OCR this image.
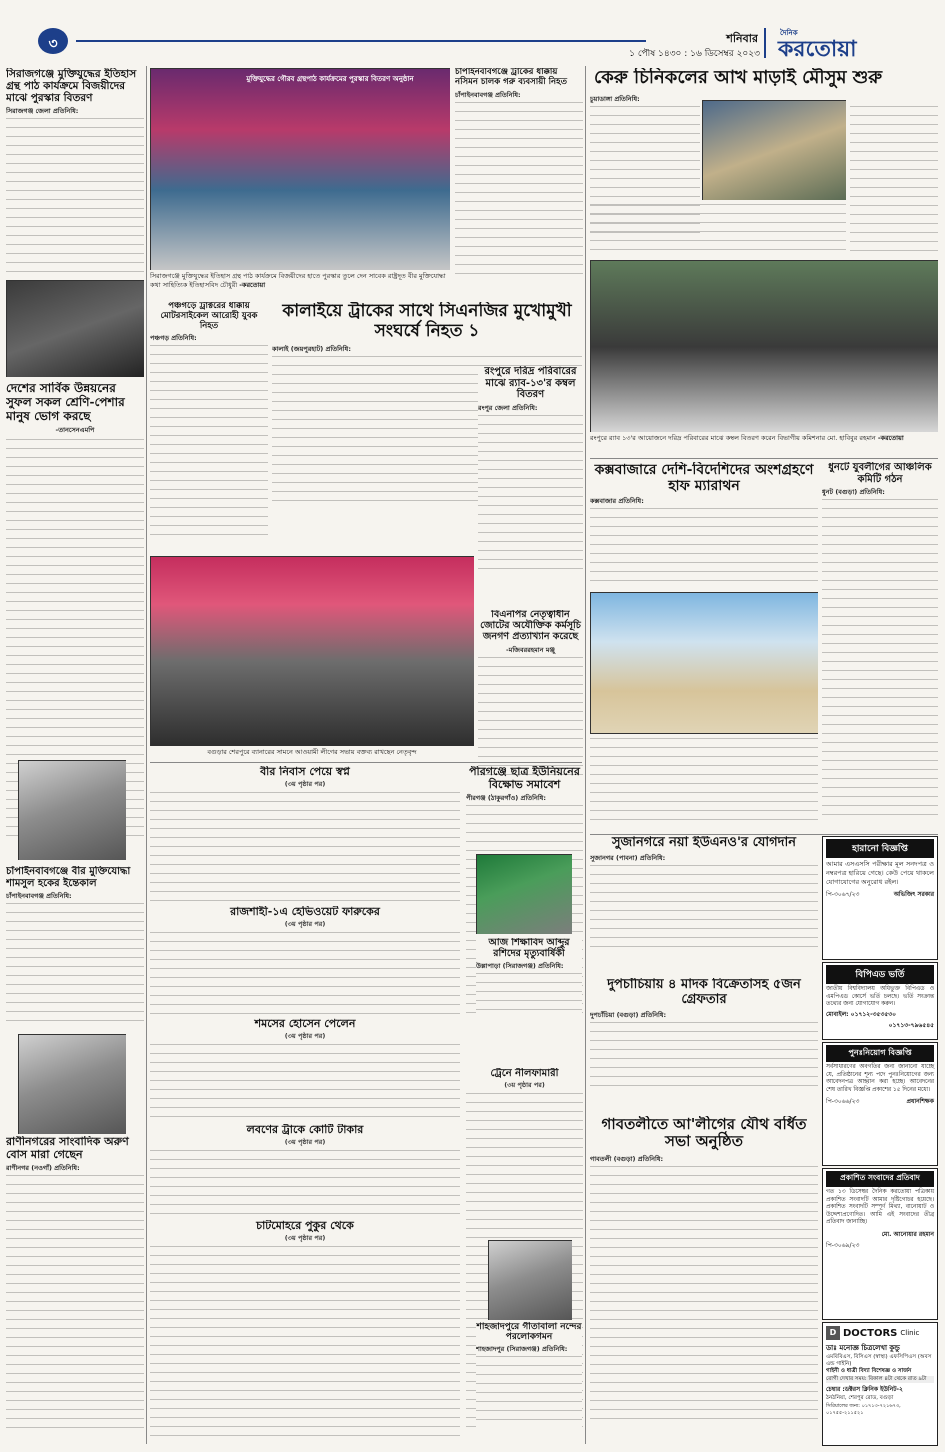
৩	শনিবার
১ পৌষ ১৪৩০ : ১৬ ডিসেম্বর ২০২৩
দৈনিক
করতোয়া
সিরাজগঞ্জে মুক্তিযুদ্ধের ইতিহাস গ্রন্থ পাঠ কার্যক্রমে বিজয়ীদের মাঝে পুরস্কার বিতরণ
সিরাজগঞ্জ জেলা প্রতিনিধি:
দেশের সার্বিক উন্নয়নের সুফল সকল শ্রেণি-পেশার মানুষ ভোগ করছে
-তানসেনএমপি
চাঁপাইনবাবগঞ্জে বীর মুক্তিযোদ্ধা শামসুল হকের ইন্তেকাল
চাঁপাইনবাবগঞ্জ প্রতিনিধি:
রাণীনগরের সাংবাদিক অরুণ বোস মারা গেছেন
রাণীনগর (নওগাঁ) প্রতিনিধি:
মুক্তিযুদ্ধের গৌরব গ্রন্থপাঠ কার্যক্রমের পুরস্কার বিতরণ অনুষ্ঠান
সিরাজগঞ্জে মুক্তিযুদ্ধের ইতিহাস গ্রন্থ পাঠ কার্যক্রমে বিজয়ীদের হাতে পুরস্কার তুলে দেন সাবেক রাষ্ট্রদূত বীর মুক্তিযোদ্ধা কথা সাহিত্যিক ইতিহাসবিদ চৌধুরী -করতোয়া
চাঁপাইনবাবগঞ্জে ট্রাকের ধাক্কায় নসিমন চালক গরু ব্যবসায়ী নিহত
চাঁপাইনবাবগঞ্জ প্রতিনিধি:
পঞ্চগড়ে ট্রাক্টরের ধাক্কায় মোটরসাইকেল আরোহী যুবক নিহত
পঞ্চগড় প্রতিনিধি:
কালাইয়ে ট্রাকের সাথে সিএনজির মুখোমুখী সংঘর্ষে নিহত ১
কালাই (জয়পুরহাট) প্রতিনিধি:
রংপুরে দরিদ্র পরিবারের মাঝে র‌্যাব-১৩'র কম্বল বিতরণ
রংপুর জেলা প্রতিনিধি:
বগুড়ার শেরপুরে ব্যানারের সামনে আওয়ামী লীগের সভায় বক্তব্য রাখছেন নেতৃবৃন্দ
বিএনপির নেতৃত্বাধীন জোটের অযৌক্তিক কর্মসূচি জনগণ প্রত্যাখ্যান করেছে
-মজিবররহমান মঞ্জু
বীর নিবাস পেয়ে স্বপ্ন
(৩য় পৃষ্ঠার পর)
পীরগঞ্জে ছাত্র ইউনিয়নের বিক্ষোভ সমাবেশ
পীরগঞ্জ (ঠাকুরগাঁও) প্রতিনিধি:
রাজশাহী-১এ হেভিওয়েট ফারুকের
(৩য় পৃষ্ঠার পর)
শমসের হোসেন পেলেন
(৩য় পৃষ্ঠার পর)
লবণের ট্রাকে কোটি টাকার
(৩য় পৃষ্ঠার পর)
চাটমোহরে পুকুর থেকে
(৩য় পৃষ্ঠার পর)
ট্রেনে নীলফামারী
(৩য় পৃষ্ঠার পর)
কেরু চিনিকলের আখ মাড়াই মৌসুম শুরু
চুয়াডাঙ্গা প্রতিনিধি:
রংপুরে র‌্যাব ১৩'র আয়োজনে দরিদ্র পরিবারের মাঝে কম্বল বিতরণ করেন বিভাগীয় কমিশনার মো. হাবিবুর রহমান -করতোয়া
কক্সবাজারে দেশি-বিদেশিদের অংশগ্রহণে হাফ ম্যারাথন
কক্সবাজার প্রতিনিধি:
ধুনটে যুবলীগের আঞ্চলিক কমিটি গঠন
ধুনট (বগুড়া) প্রতিনিধি:
সুজানগরে নয়া ইউএনও'র যোগদান
সুজানগর (পাবনা) প্রতিনিধি:
দুপচাঁচিয়ায় ৪ মাদক বিক্রেতাসহ ৫জন গ্রেফতার
দুপচাঁচিয়া (বগুড়া) প্রতিনিধি:
গাবতলীতে আ'লীগের যৌথ বর্ধিত সভা অনুষ্ঠিত
গাবতলী (বগুড়া) প্রতিনিধি:
হারানো বিজ্ঞপ্তি
আমার এসএসসি পরীক্ষার মূল সনদপত্র ও নম্বরপত্র হারিয়ে গেছে। কেউ পেয়ে থাকলে যোগাযোগের অনুরোধ রইল।
পি-৩০৬৭/২৩	অভিজিৎ সরকার
বিপিএড ভর্তি
জাতীয় বিশ্ববিদ্যালয় অধিভুক্ত বিপিএড ও এমপিএড কোর্সে ভর্তি চলছে। ভর্তি সংক্রান্ত তথ্যের জন্য যোগাযোগ করুন।
মোবাইল: ০১৭১২-৩৫৩৫৩০
০১৭১৩-৭৯৬৫৪৫
পুনঃনিয়োগ বিজ্ঞপ্তি
সর্বসাধারণের অবগতির জন্য জানানো যাচ্ছে যে, প্রতিষ্ঠানের শূন্য পদে পুনঃনিয়োগের জন্য আবেদনপত্র আহ্বান করা হচ্ছে। আবেদনের শেষ তারিখ বিজ্ঞপ্তি প্রকাশের ১৫ দিনের মধ্যে।
পি-৩০৬৬/২৩	প্রধানশিক্ষক
প্রকাশিত সংবাদের প্রতিবাদ
গত ১৩ ডিসেম্বর দৈনিক করতোয়া পত্রিকায় প্রকাশিত সংবাদটি আমার দৃষ্টিগোচর হয়েছে। প্রকাশিত সংবাদটি সম্পূর্ণ মিথ্যা, বানোয়াট ও উদ্দেশ্যপ্রণোদিত। আমি এই সংবাদের তীব্র প্রতিবাদ জানাচ্ছি।
মো. আনোয়ার রহমান
পি-৩০৬৯/২৩
D DOCTORS Clinic
ডাঃ মনোজ্ঞ চিত্রলেখা কুন্ডু
এমবিবিএস, বিসিএস (স্বাস্থ্য) এফসিপিএস (অবস এন্ড গাইনি)
গাইনী ও ধাত্রী বিদ্যা বিশেষজ্ঞ ও সার্জন
রোগী দেখার সময়: বিকাল ৪টা থেকে রাত ৯টা
চেম্বার :ডক্টরস ক্লিনিক ইউনিট-২
ঠনঠনিয়া, শেরপুর রোড, বগুড়া
সিরিয়ালের জন্য: ০১৭১৩-৭২১৬৭৩, ০১৭৫৫-২১১৫২১
আজ শিক্ষাবিদ আব্দুর রশিদের মৃত্যুবার্ষিকী
উল্লাপাড়া (সিরাজগঞ্জ) প্রতিনিধি:
শাহজাদপুরে গীতাবালা নন্দের পরলোকগমন
শাহজাদপুর (সিরাজগঞ্জ) প্রতিনিধি:
